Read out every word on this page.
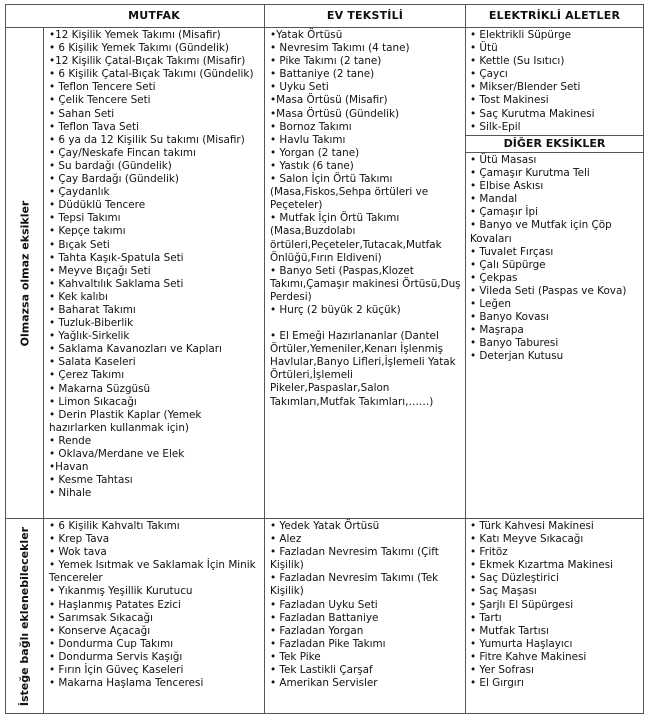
MUTFAK	EV TEKSTİLİ	ELEKTRİKLİ ALETLER
DİĞER EKSİKLER
Olmazsa olmaz eksikler
İsteğe bağlı eklenebilecekler
•12 Kişilik Yemek Takımı (Misafir)
• 6 Kişilik Yemek Takımı (Gündelik)
•12 Kişilik Çatal-Bıçak Takımı (Misafir)
• 6 Kişilik Çatal-Bıçak Takımı (Gündelik)
• Teflon Tencere Seti
• Çelik Tencere Seti
• Sahan Seti
• Teflon Tava Seti
• 6 ya da 12 Kişilik Su takımı (Misafir)
• Çay/Neskafe Fincan takımı
• Su bardağı (Gündelik)
• Çay Bardağı (Gündelik)
• Çaydanlık
• Düdüklü Tencere
• Tepsi Takımı
• Kepçe takımı
• Bıçak Seti
• Tahta Kaşık-Spatula Seti
• Meyve Bıçağı Seti
• Kahvaltılık Saklama Seti
• Kek kalıbı
• Baharat Takımı
• Tuzluk-Biberlik
• Yağlık-Sirkelik
• Saklama Kavanozları ve Kapları
• Salata Kaseleri
• Çerez Takımı
• Makarna Süzgüsü
• Limon Sıkacağı
• Derin Plastik Kaplar (Yemek hazırlarken kullanmak için)
• Rende
• Oklava/Merdane ve Elek
•Havan
• Kesme Tahtası
• Nihale
•Yatak Örtüsü
• Nevresim Takımı (4 tane)
• Pike Takımı (2 tane)
• Battaniye (2 tane)
• Uyku Seti
•Masa Örtüsü (Misafir)
•Masa Örtüsü (Gündelik)
• Bornoz Takımı
• Havlu Takımı
• Yorgan (2 tane)
• Yastık (6 tane)
• Salon İçin Örtü Takımı (Masa,Fiskos,Sehpa örtüleri ve Peçeteler)
• Mutfak İçin Örtü Takımı (Masa,Buzdolabı örtüleri,Peçeteler,Tutacak,Mutfak Önlüğü,Fırın Eldiveni)
• Banyo Seti (Paspas,Klozet Takımı,Çamaşır makinesi Örtüsü,Duş Perdesi)
• Hurç (2 büyük 2 küçük)
• El Emeği Hazırlananlar (Dantel Örtüler,Yemeniler,Kenarı İşlenmiş Havlular,Banyo Lifleri,İşlemeli Yatak Örtüleri,İşlemeli Pikeler,Paspaslar,Salon Takımları,Mutfak Takımları,……)
• Elektrikli Süpürge
• Ütü
• Kettle (Su Isıtıcı)
• Çaycı
• Mikser/Blender Seti
• Tost Makinesi
• Saç Kurutma Makinesi
• Silk-Epil
• Ütü Masası
• Çamaşır Kurutma Teli
• Elbise Askısı
• Mandal
• Çamaşır İpi
• Banyo ve Mutfak için Çöp Kovaları
• Tuvalet Fırçası
• Çalı Süpürge
• Çekpas
• Vileda Seti (Paspas ve Kova)
• Leğen
• Banyo Kovası
• Maşrapa
• Banyo Taburesi
• Deterjan Kutusu
• 6 Kişilik Kahvaltı Takımı
• Krep Tava
• Wok tava
• Yemek Isıtmak ve Saklamak İçin Minik Tencereler
• Yıkanmış Yeşillik Kurutucu
• Haşlanmış Patates Ezici
• Sarımsak Sıkacağı
• Konserve Açacağı
• Dondurma Cup Takımı
• Dondurma Servis Kaşığı
• Fırın İçin Güveç Kaseleri
• Makarna Haşlama Tenceresi
• Yedek Yatak Örtüsü
• Alez
• Fazladan Nevresim Takımı (Çift Kişilik)
• Fazladan Nevresim Takımı (Tek Kişilik)
• Fazladan Uyku Seti
• Fazladan Battaniye
• Fazladan Yorgan
• Fazladan Pike Takımı
• Tek Pike
• Tek Lastikli Çarşaf
• Amerikan Servisler
• Türk Kahvesi Makinesi
• Katı Meyve Sıkacağı
• Fritöz
• Ekmek Kızartma Makinesi
• Saç Düzleştirici
• Saç Maşası
• Şarjlı El Süpürgesi
• Tartı
• Mutfak Tartısı
• Yumurta Haşlayıcı
• Fitre Kahve Makinesi
• Yer Sofrası
• El Gırgırı
